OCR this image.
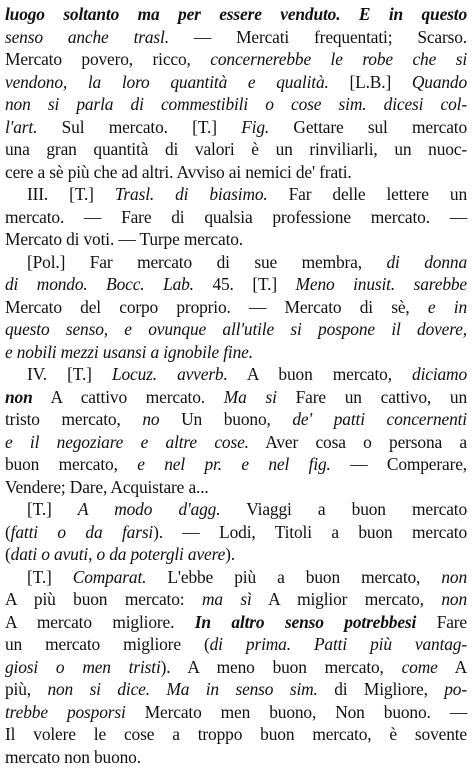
luogo soltanto ma per essere venduto. E in questo
senso anche trasl. — Mercati frequentati; Scarso.
Mercato povero, ricco, concernerebbe le robe che si
vendono, la loro quantità e qualità. [L.B.] Quando
non si parla di commestibili o cose sim. dicesi col-
l'art. Sul mercato. [T.] Fig. Gettare sul mercato
una gran quantità di valori è un rinviliarli, un nuoc-
cere a sè più che ad altri. Avviso ai nemici de' frati.
III. [T.] Trasl. di biasimo. Far delle lettere un
mercato. — Fare di qualsia professione mercato. —
Mercato di voti. — Turpe mercato.
[Pol.] Far mercato di sue membra, di donna
di mondo. Bocc. Lab. 45. [T.] Meno inusit. sarebbe
Mercato del corpo proprio. — Mercato di sè, e in
questo senso, e ovunque all'utile si pospone il dovere,
e nobili mezzi usansi a ignobile fine.
IV. [T.] Locuz. avverb. A buon mercato, diciamo
non A cattivo mercato. Ma si Fare un cattivo, un
tristo mercato, no Un buono, de' patti concernenti
e il negoziare e altre cose. Aver cosa o persona a
buon mercato, e nel pr. e nel fig. — Comperare,
Vendere; Dare, Acquistare a...
[T.] A modo d'agg. Viaggi a buon mercato
(fatti o da farsi). — Lodi, Titoli a buon mercato
(dati o avuti, o da potergli avere).
[T.] Comparat. L'ebbe più a buon mercato, non
A più buon mercato: ma sì A miglior mercato, non
A mercato migliore. In altro senso potrebbesi Fare
un mercato migliore (di prima. Patti più vantag-
giosi o men tristi). A meno buon mercato, come A
più, non si dice. Ma in senso sim. di Migliore, po-
trebbe posporsi Mercato men buono, Non buono. —
Il volere le cose a troppo buon mercato, è sovente
mercato non buono.
